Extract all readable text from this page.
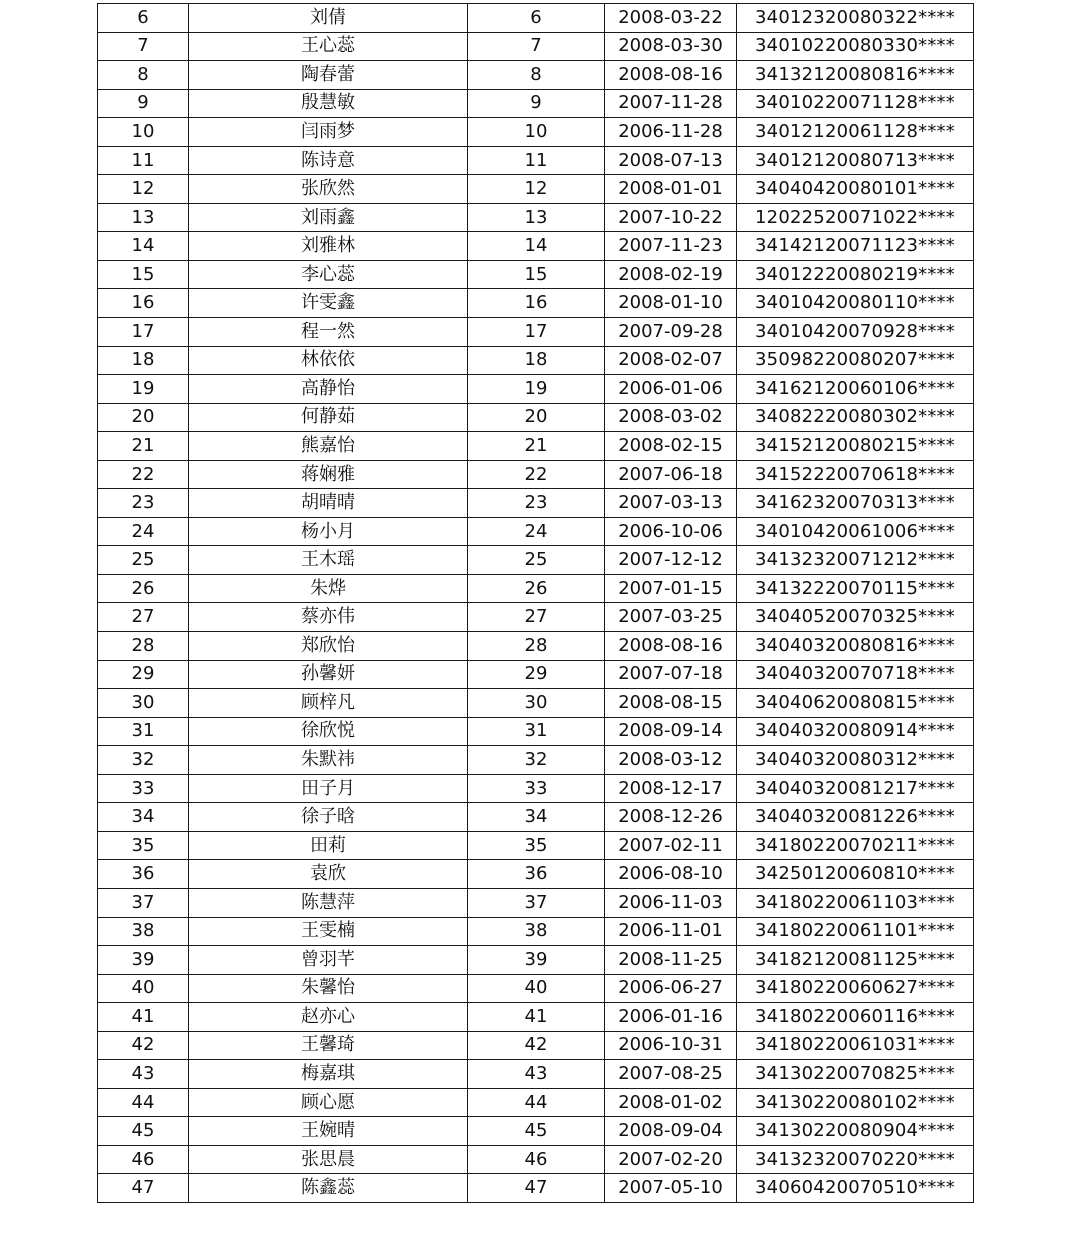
6	刘倩	6	2008-03-22	34012320080322****
7	王心蕊	7	2008-03-30	34010220080330****
8	陶春蕾	8	2008-08-16	34132120080816****
9	殷慧敏	9	2007-11-28	34010220071128****
10	闫雨梦	10	2006-11-28	34012120061128****
11	陈诗意	11	2008-07-13	34012120080713****
12	张欣然	12	2008-01-01	34040420080101****
13	刘雨鑫	13	2007-10-22	12022520071022****
14	刘雅林	14	2007-11-23	34142120071123****
15	李心蕊	15	2008-02-19	34012220080219****
16	许雯鑫	16	2008-01-10	34010420080110****
17	程一然	17	2007-09-28	34010420070928****
18	林依依	18	2008-02-07	35098220080207****
19	高静怡	19	2006-01-06	34162120060106****
20	何静茹	20	2008-03-02	34082220080302****
21	熊嘉怡	21	2008-02-15	34152120080215****
22	蒋娴雅	22	2007-06-18	34152220070618****
23	胡晴晴	23	2007-03-13	34162320070313****
24	杨小月	24	2006-10-06	34010420061006****
25	王木瑶	25	2007-12-12	34132320071212****
26	朱烨	26	2007-01-15	34132220070115****
27	蔡亦伟	27	2007-03-25	34040520070325****
28	郑欣怡	28	2008-08-16	34040320080816****
29	孙馨妍	29	2007-07-18	34040320070718****
30	顾梓凡	30	2008-08-15	34040620080815****
31	徐欣悦	31	2008-09-14	34040320080914****
32	朱默祎	32	2008-03-12	34040320080312****
33	田子月	33	2008-12-17	34040320081217****
34	徐子晗	34	2008-12-26	34040320081226****
35	田莉	35	2007-02-11	34180220070211****
36	袁欣	36	2006-08-10	34250120060810****
37	陈慧萍	37	2006-11-03	34180220061103****
38	王雯楠	38	2006-11-01	34180220061101****
39	曾羽芊	39	2008-11-25	34182120081125****
40	朱馨怡	40	2006-06-27	34180220060627****
41	赵亦心	41	2006-01-16	34180220060116****
42	王馨琦	42	2006-10-31	34180220061031****
43	梅嘉琪	43	2007-08-25	34130220070825****
44	顾心愿	44	2008-01-02	34130220080102****
45	王婉晴	45	2008-09-04	34130220080904****
46	张思晨	46	2007-02-20	34132320070220****
47	陈鑫蕊	47	2007-05-10	34060420070510****
